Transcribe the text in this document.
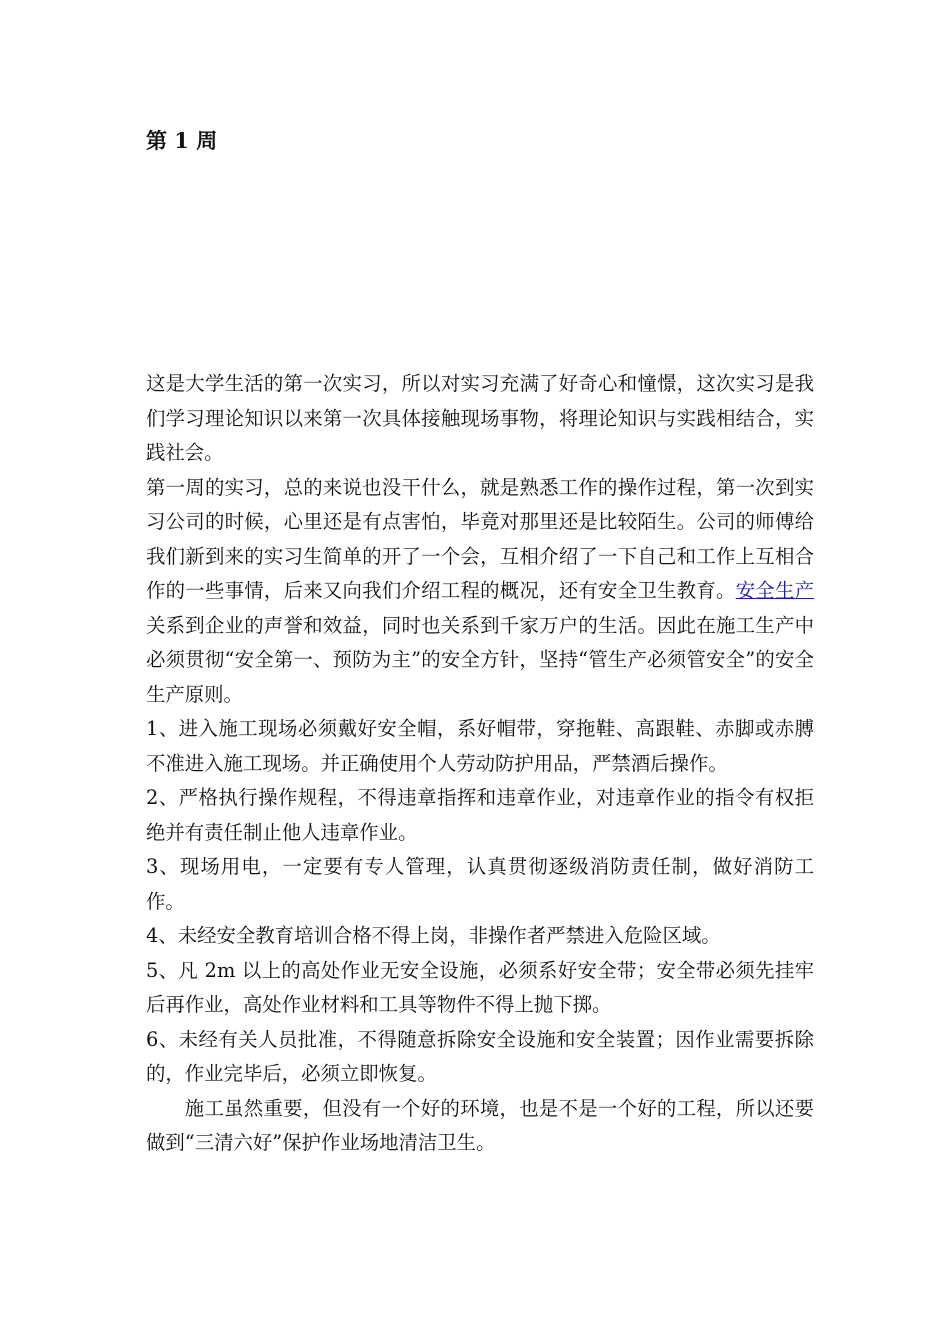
第 1 周

这是大学生活的第一次实习，所以对实习充满了好奇心和憧憬，这次实习是我们学习理论知识以来第一次具体接触现场事物，将理论知识与实践相结合，实践社会。

第一周的实习，总的来说也没干什么，就是熟悉工作的操作过程，第一次到实习公司的时候，心里还是有点害怕，毕竟对那里还是比较陌生。公司的师傅给我们新到来的实习生简单的开了一个会，互相介绍了一下自己和工作上互相合作的一些事情，后来又向我们介绍工程的概况，还有安全卫生教育。安全生产关系到企业的声誉和效益，同时也关系到千家万户的生活。因此在施工生产中必须贯彻“安全第一、预防为主”的安全方针，坚持“管生产必须管安全”的安全生产原则。

1、进入施工现场必须戴好安全帽，系好帽带，穿拖鞋、高跟鞋、赤脚或赤膊不准进入施工现场。并正确使用个人劳动防护用品，严禁酒后操作。

2、严格执行操作规程，不得违章指挥和违章作业，对违章作业的指令有权拒绝并有责任制止他人违章作业。

3、现场用电，一定要有专人管理，认真贯彻逐级消防责任制，做好消防工作。

4、未经安全教育培训合格不得上岗，非操作者严禁进入危险区域。

5、凡 2m 以上的高处作业无安全设施，必须系好安全带；安全带必须先挂牢后再作业，高处作业材料和工具等物件不得上抛下掷。

6、未经有关人员批准，不得随意拆除安全设施和安全装置；因作业需要拆除的，作业完毕后，必须立即恢复。

施工虽然重要，但没有一个好的环境，也是不是一个好的工程，所以还要做到“三清六好”保护作业场地清洁卫生。
